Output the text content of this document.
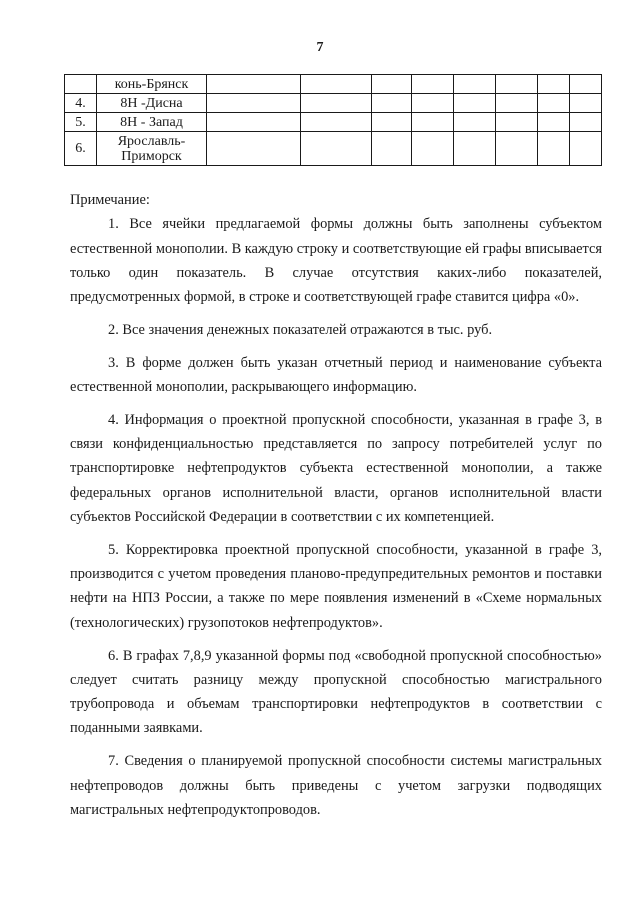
7
	конь-Брянск								
4.	8Н -Дисна								
5.	8Н - Запад								
6.	Ярославль-Приморск								

Примечание:

1. Все ячейки предлагаемой формы должны быть заполнены субъектом естественной монополии. В каждую строку и соответствующие ей графы вписывается только один показатель. В случае отсутствия каких-либо показателей, предусмотренных формой, в строке и соответствующей графе ставится цифра «0».

2. Все значения денежных показателей отражаются в тыс. руб.

3. В форме должен быть указан отчетный период и наименование субъекта естественной монополии, раскрывающего информацию.

4. Информация о проектной пропускной способности, указанная в графе 3, в связи конфиденциальностью представляется по запросу потребителей услуг по транспортировке нефтепродуктов субъекта естественной монополии, а также федеральных органов исполнительной власти, органов исполнительной власти субъектов Российской Федерации в соответствии с их компетенцией.

5. Корректировка проектной пропускной способности, указанной в графе 3, производится с учетом проведения планово-предупредительных ремонтов и поставки нефти на НПЗ России, а также по мере появления изменений в «Схеме нормальных (технологических) грузопотоков нефтепродуктов».

6. В графах 7,8,9 указанной формы под «свободной пропускной способностью» следует считать разницу между пропускной способностью магистрального трубопровода и объемам транспортировки нефтепродуктов в соответствии с поданными заявками.

7. Сведения о планируемой пропускной способности системы магистральных нефтепроводов должны быть приведены с учетом загрузки подводящих магистральных нефтепродуктопроводов.
